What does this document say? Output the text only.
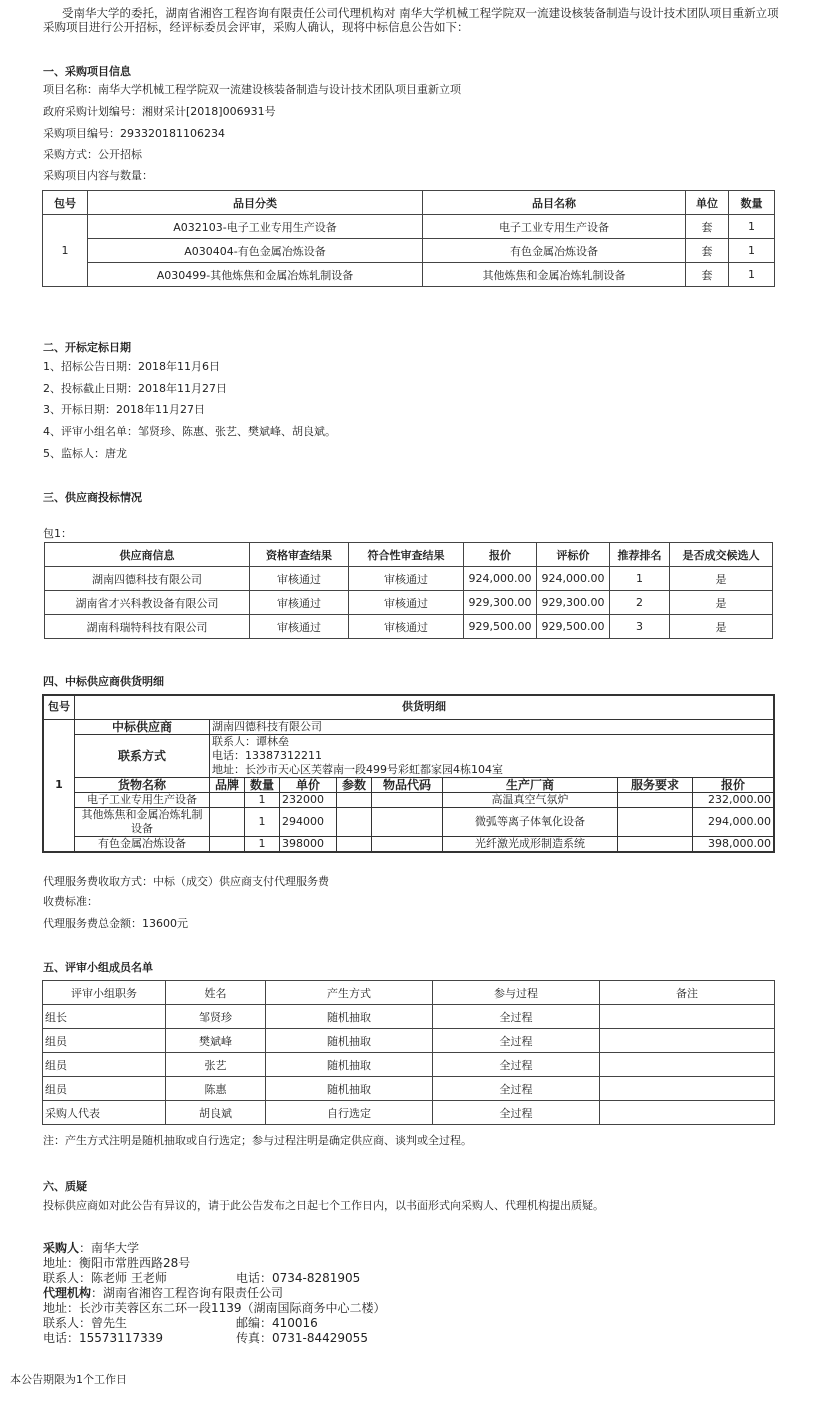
受南华大学的委托，湖南省湘咨工程咨询有限责任公司代理机构对 南华大学机械工程学院双一流建设核装备制造与设计技术团队项目重新立项
采购项目进行公开招标，经评标委员会评审，采购人确认，现将中标信息公告如下：
一、采购项目信息
项目名称：南华大学机械工程学院双一流建设核装备制造与设计技术团队项目重新立项
政府采购计划编号：湘财采计[2018]006931号
采购项目编号：293320181106234
采购方式：公开招标
采购项目内容与数量：
包号	品目分类	品目名称	单位	数量
1	A032103-电子工业专用生产设备	电子工业专用生产设备	套	1
	A030404-有色金属冶炼设备	有色金属冶炼设备	套	1
	A030499-其他炼焦和金属冶炼轧制设备	其他炼焦和金属冶炼轧制设备	套	1
二、开标定标日期
1、招标公告日期：2018年11月6日
2、投标截止日期：2018年11月27日
3、开标日期：2018年11月27日
4、评审小组名单：邹贤珍、陈惠、张艺、樊斌峰、胡良斌。
5、监标人：唐龙
三、供应商投标情况
包1：
供应商信息	资格审查结果	符合性审查结果	报价	评标价	推荐排名	是否成交候选人
湖南四德科技有限公司	审核通过	审核通过	924,000.00	924,000.00	1	是
湖南省才兴科教设备有限公司	审核通过	审核通过	929,300.00	929,300.00	2	是
湖南科瑞特科技有限公司	审核通过	审核通过	929,500.00	929,500.00	3	是
四、中标供应商供货明细
包号	供货明细								
1	中标供应商	湖南四德科技有限公司							
	联系方式	联系人：谭林垒
电话：13387312211
地址：长沙市天心区芙蓉南一段499号彩虹都家园4栋104室							

	货物名称	品牌	数量	单价	参数	物品代码	生产厂商	服务要求	报价
	电子工业专用生产设备		1	232000			高温真空气氛炉		232,000.00
	其他炼焦和金属冶炼轧制设备		1	294000			微弧等离子体氧化设备		294,000.00
	有色金属冶炼设备		1	398000			光纤激光成形制造系统		398,000.00
代理服务费收取方式：中标（成交）供应商支付代理服务费
收费标准：
代理服务费总金额：13600元
五、评审小组成员名单
评审小组职务	姓名	产生方式	参与过程	备注
组长	邹贤珍	随机抽取	全过程	
组员	樊斌峰	随机抽取	全过程	
组员	张艺	随机抽取	全过程	
组员	陈惠	随机抽取	全过程	
采购人代表	胡良斌	自行选定	全过程	
注：产生方式注明是随机抽取或自行选定；参与过程注明是确定供应商、谈判或全过程。
六、质疑
投标供应商如对此公告有异议的，请于此公告发布之日起七个工作日内，以书面形式向采购人、代理机构提出质疑。
采购人：南华大学
地址：衡阳市常胜西路28号
联系人：陈老师 王老师	电话：0734-8281905
代理机构：湖南省湘咨工程咨询有限责任公司
地址：长沙市芙蓉区东二环一段1139（湖南国际商务中心二楼）
联系人：曾先生	邮编：410016
电话：15573117339	传真：0731-84429055
本公告期限为1个工作日
